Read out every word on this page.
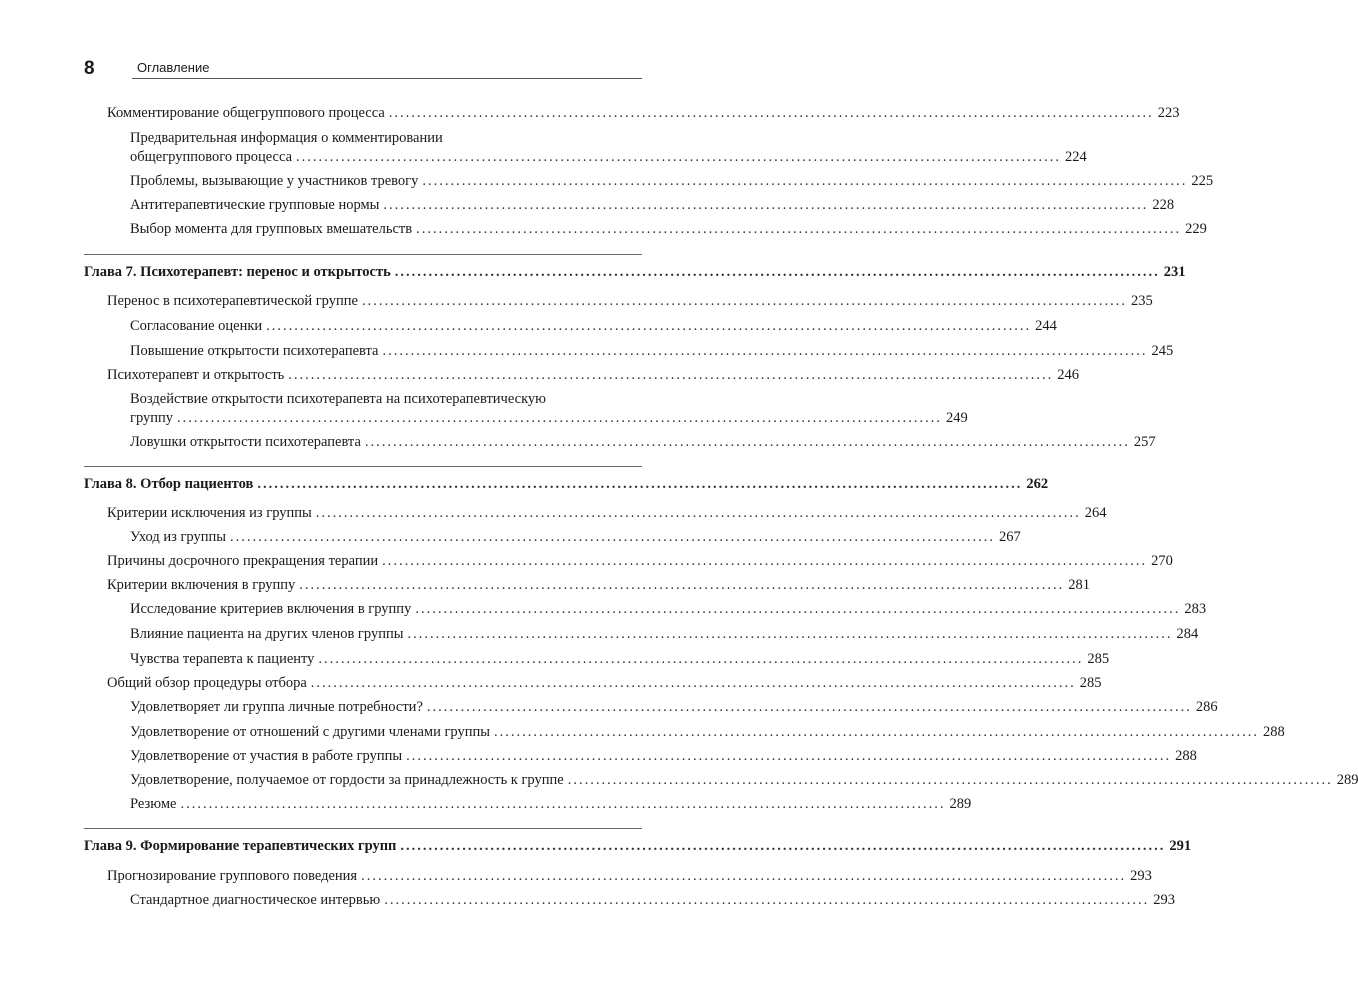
8	Оглавление
Комментирование общегруппового процесса ........................................................................................................................................ 223
Предварительная информация о комментировании
общегруппового процесса ........................................................................................................................................ 224
Проблемы, вызывающие у участников тревогу ........................................................................................................................................ 225
Антитерапевтические групповые нормы ........................................................................................................................................ 228
Выбор момента для групповых вмешательств ........................................................................................................................................ 229
Глава 7. Психотерапевт: перенос и открытость ........................................................................................................................................ 231
Перенос в психотерапевтической группе ........................................................................................................................................ 235
Согласование оценки ........................................................................................................................................ 244
Повышение открытости психотерапевта ........................................................................................................................................ 245
Психотерапевт и открытость ........................................................................................................................................ 246
Воздействие открытости психотерапевта на психотерапевтическую
группу ........................................................................................................................................ 249
Ловушки открытости психотерапевта ........................................................................................................................................ 257
Глава 8. Отбор пациентов ........................................................................................................................................ 262
Критерии исключения из группы ........................................................................................................................................ 264
Уход из группы ........................................................................................................................................ 267
Причины досрочного прекращения терапии ........................................................................................................................................ 270
Критерии включения в группу ........................................................................................................................................ 281
Исследование критериев включения в группу ........................................................................................................................................ 283
Влияние пациента на других членов группы ........................................................................................................................................ 284
Чувства терапевта к пациенту ........................................................................................................................................ 285
Общий обзор процедуры отбора ........................................................................................................................................ 285
Удовлетворяет ли группа личные потребности? ........................................................................................................................................ 286
Удовлетворение от отношений с другими членами группы ........................................................................................................................................ 288
Удовлетворение от участия в работе группы ........................................................................................................................................ 288
Удовлетворение, получаемое от гордости за принадлежность к группе ........................................................................................................................................ 289
Резюме ........................................................................................................................................ 289
Глава 9. Формирование терапевтических групп ........................................................................................................................................ 291
Прогнозирование группового поведения ........................................................................................................................................ 293
Стандартное диагностическое интервью ........................................................................................................................................ 293
